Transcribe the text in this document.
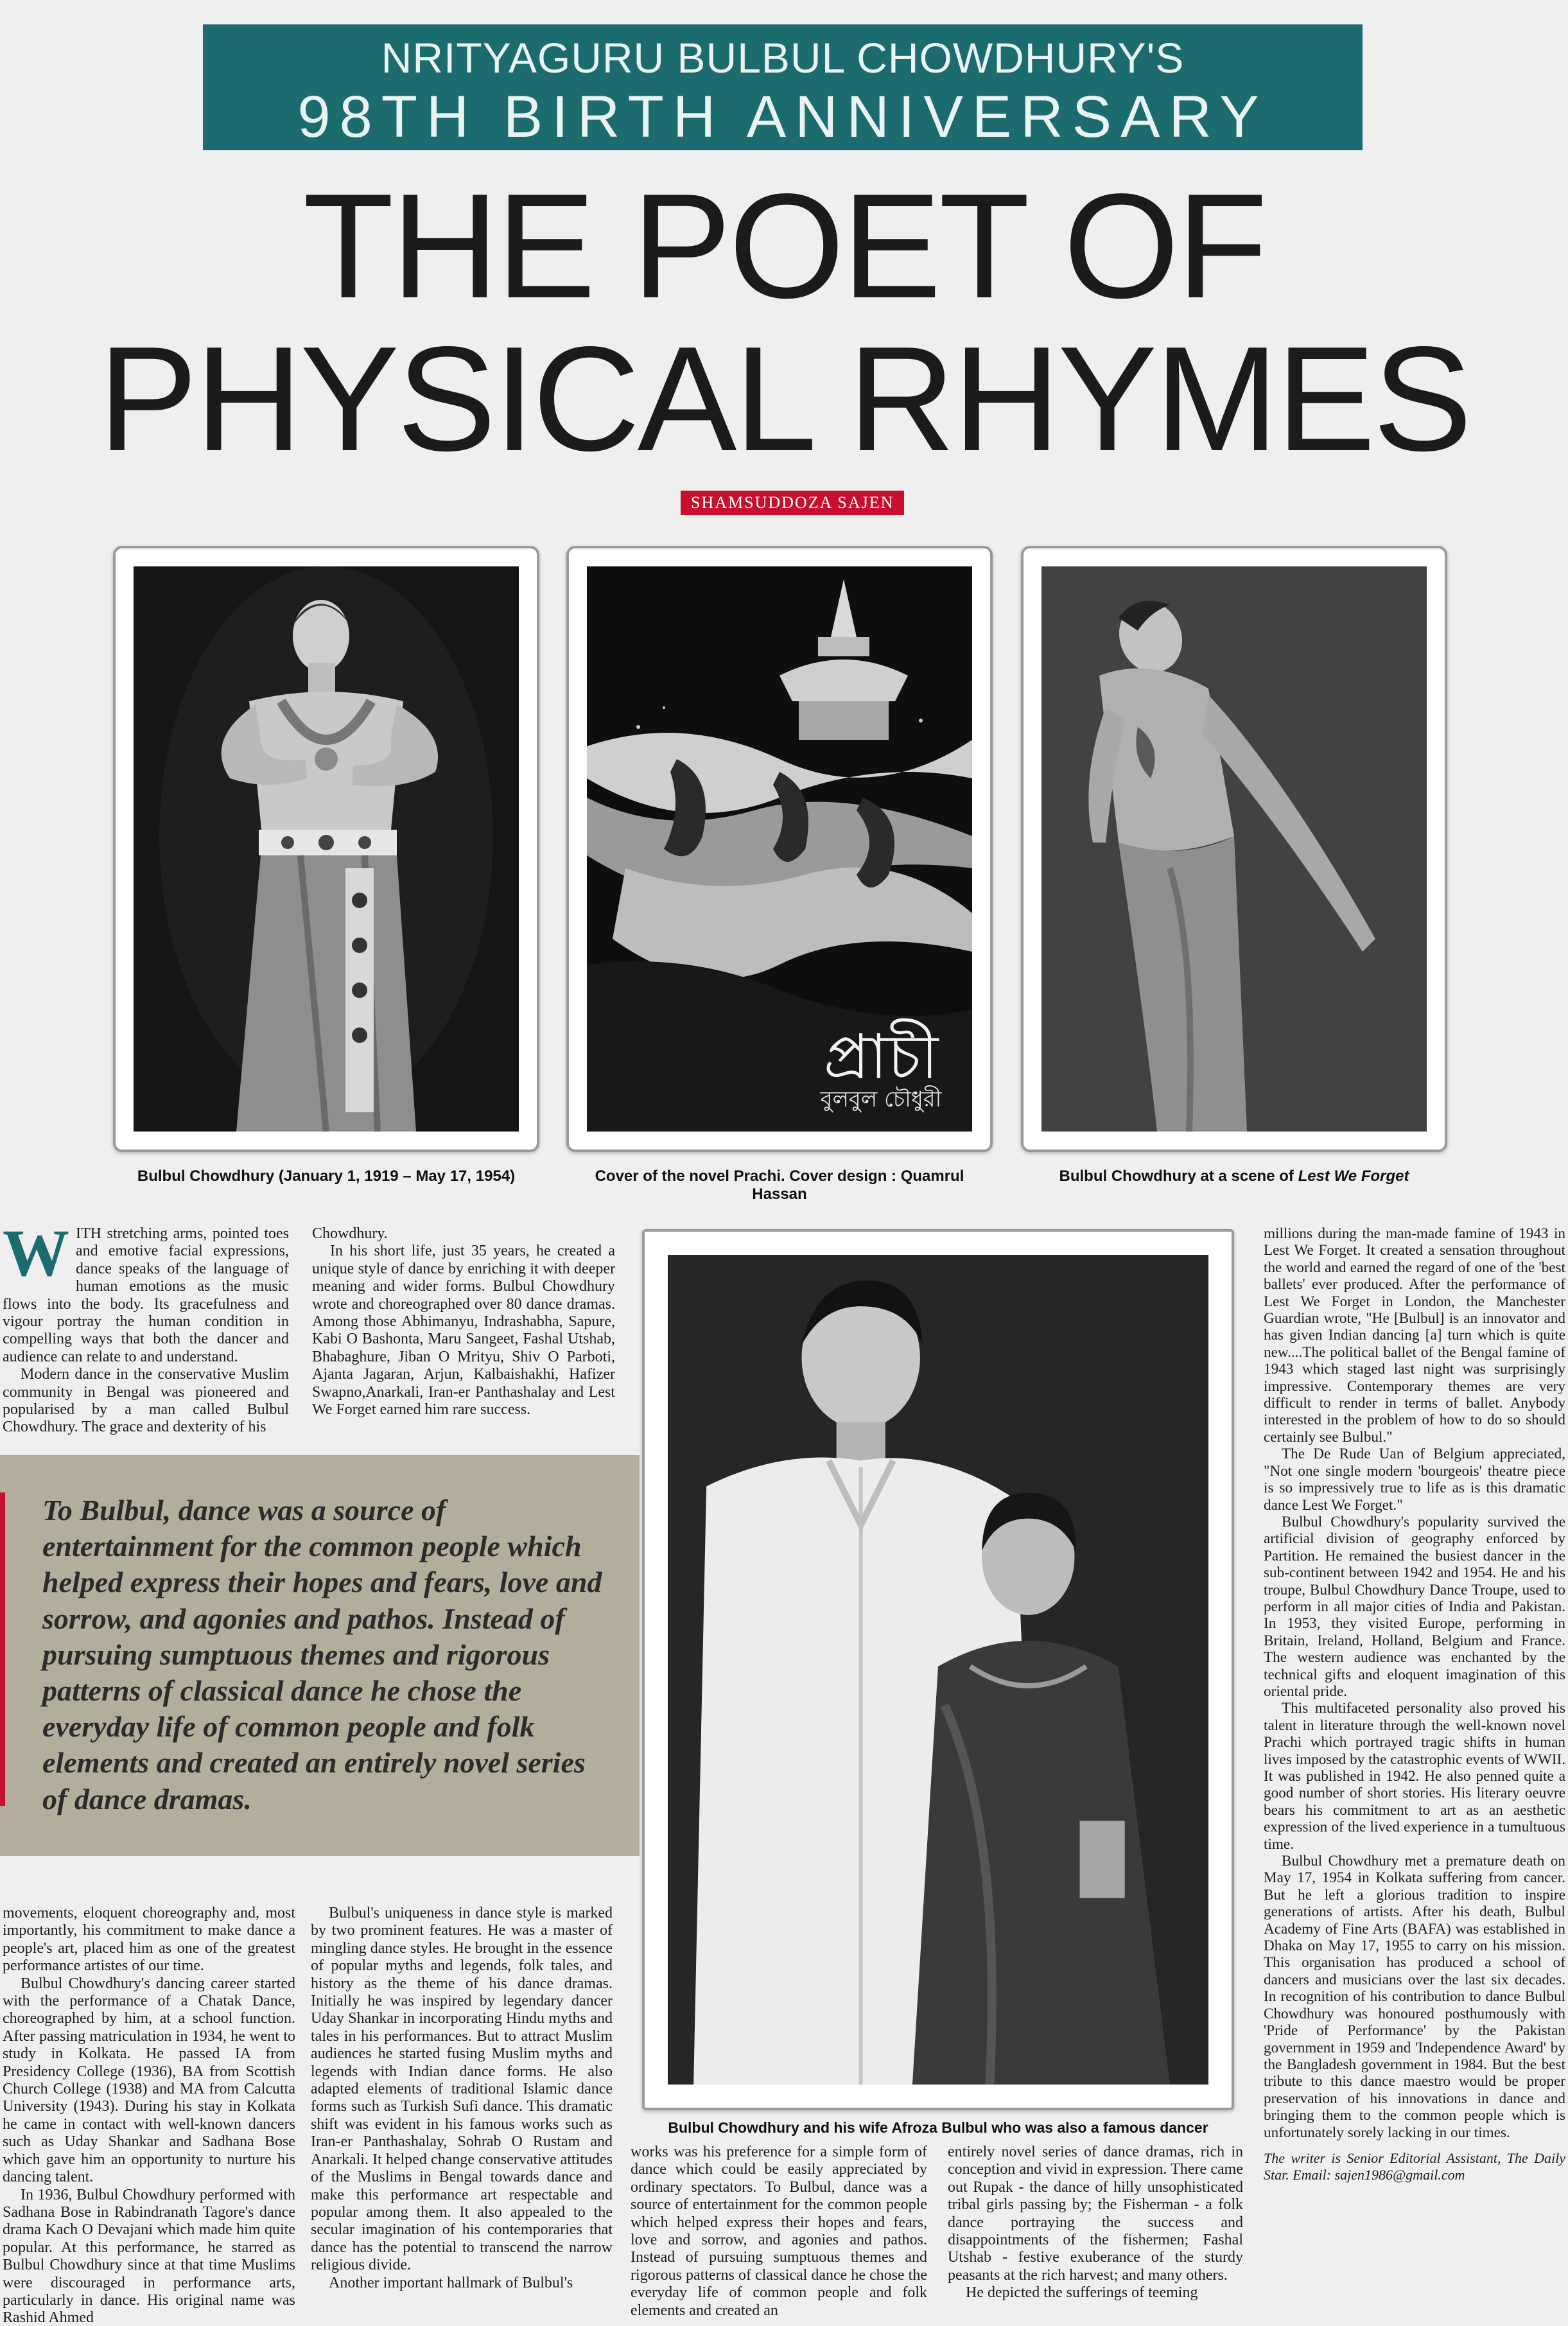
NRITYAGURU BULBUL CHOWDHURY'S
98TH BIRTH ANNIVERSARY
THE POET OF
PHYSICAL RHYMES
SHAMSUDDOZA SAJEN
Bulbul Chowdhury (January 1, 1919 – May 17, 1954)
প্রাচী
বুলবুল চৌধুরী
Cover of the novel Prachi. Cover design : Quamrul Hassan
Bulbul Chowdhury at a scene of Lest We Forget
Bulbul Chowdhury and his wife Afroza Bulbul who was also a famous dancer
W ITH stretching arms, pointed toes and emotive facial expressions, dance speaks of the language of human emotions as the music flows into the body. Its gracefulness and vigour portray the human condition in compelling ways that both the dancer and audience can relate to and understand.

Modern dance in the conservative Muslim community in Bengal was pioneered and popularised by a man called Bulbul Chowdhury. The grace and dexterity of his

Chowdhury.

In his short life, just 35 years, he created a unique style of dance by enriching it with deeper meaning and wider forms. Bulbul Chowdhury wrote and choreographed over 80 dance dramas. Among those Abhimanyu, Indrashabha, Sapure, Kabi O Bashonta, Maru Sangeet, Fashal Utshab, Bhabaghure, Jiban O Mrityu, Shiv O Parboti, Ajanta Jagaran, Arjun, Kalbaishakhi, Hafizer Swapno,Anarkali, Iran-er Panthashalay and Lest We Forget earned him rare success.

To Bulbul, dance was a source of entertainment for the common people which helped express their hopes and fears, love and sorrow, and agonies and pathos. Instead of pursuing sumptuous themes and rigorous patterns of classical dance he chose the everyday life of common people and folk elements and created an entirely novel series of dance dramas.

movements, eloquent choreography and, most importantly, his commitment to make dance a people's art, placed him as one of the greatest performance artistes of our time.

Bulbul Chowdhury's dancing career started with the performance of a Chatak Dance, choreographed by him, at a school function. After passing matriculation in 1934, he went to study in Kolkata. He passed IA from Presidency College (1936), BA from Scottish Church College (1938) and MA from Calcutta University (1943). During his stay in Kolkata he came in contact with well-known dancers such as Uday Shankar and Sadhana Bose which gave him an opportunity to nurture his dancing talent.

In 1936, Bulbul Chowdhury performed with Sadhana Bose in Rabindranath Tagore's dance drama Kach O Devajani which made him quite popular. At this performance, he starred as Bulbul Chowdhury since at that time Muslims were discouraged in performance arts, particularly in dance. His original name was Rashid Ahmed

Bulbul's uniqueness in dance style is marked by two prominent features. He was a master of mingling dance styles. He brought in the essence of popular myths and legends, folk tales, and history as the theme of his dance dramas. Initially he was inspired by legendary dancer Uday Shankar in incorporating Hindu myths and tales in his performances. But to attract Muslim audiences he started fusing Muslim myths and legends with Indian dance forms. He also adapted elements of traditional Islamic dance forms such as Turkish Sufi dance. This dramatic shift was evident in his famous works such as Iran-er Panthashalay, Sohrab O Rustam and Anarkali. It helped change conservative attitudes of the Muslims in Bengal towards dance and make this performance art respectable and popular among them. It also appealed to the secular imagination of his contemporaries that dance has the potential to transcend the narrow religious divide.

Another important hallmark of Bulbul's

works was his preference for a simple form of dance which could be easily appreciated by ordinary spectators. To Bulbul, dance was a source of entertainment for the common people which helped express their hopes and fears, love and sorrow, and agonies and pathos. Instead of pursuing sumptuous themes and rigorous patterns of classical dance he chose the everyday life of common people and folk elements and created an

entirely novel series of dance dramas, rich in conception and vivid in expression. There came out Rupak - the dance of hilly unsophisticated tribal girls passing by; the Fisherman - a folk dance portraying the success and disappointments of the fishermen; Fashal Utshab - festive exuberance of the sturdy peasants at the rich harvest; and many others.

He depicted the sufferings of teeming

millions during the man-made famine of 1943 in Lest We Forget. It created a sensation throughout the world and earned the regard of one of the 'best ballets' ever produced. After the performance of Lest We Forget in London, the Manchester Guardian wrote, "He [Bulbul] is an innovator and has given Indian dancing [a] turn which is quite new....The political ballet of the Bengal famine of 1943 which staged last night was surprisingly impressive. Contemporary themes are very difficult to render in terms of ballet. Anybody interested in the problem of how to do so should certainly see Bulbul."

The De Rude Uan of Belgium appreciated, "Not one single modern 'bourgeois' theatre piece is so impressively true to life as is this dramatic dance Lest We Forget."

Bulbul Chowdhury's popularity survived the artificial division of geography enforced by Partition. He remained the busiest dancer in the sub-continent between 1942 and 1954. He and his troupe, Bulbul Chowdhury Dance Troupe, used to perform in all major cities of India and Pakistan. In 1953, they visited Europe, performing in Britain, Ireland, Holland, Belgium and France. The western audience was enchanted by the technical gifts and eloquent imagination of this oriental pride.

This multifaceted personality also proved his talent in literature through the well-known novel Prachi which portrayed tragic shifts in human lives imposed by the catastrophic events of WWII. It was published in 1942. He also penned quite a good number of short stories. His literary oeuvre bears his commitment to art as an aesthetic expression of the lived experience in a tumultuous time.

Bulbul Chowdhury met a premature death on May 17, 1954 in Kolkata suffering from cancer. But he left a glorious tradition to inspire generations of artists. After his death, Bulbul Academy of Fine Arts (BAFA) was established in Dhaka on May 17, 1955 to carry on his mission. This organisation has produced a school of dancers and musicians over the last six decades. In recognition of his contribution to dance Bulbul Chowdhury was honoured posthumously with 'Pride of Performance' by the Pakistan government in 1959 and 'Independence Award' by the Bangladesh government in 1984. But the best tribute to this dance maestro would be proper preservation of his innovations in dance and bringing them to the common people which is unfortunately sorely lacking in our times.

The writer is Senior Editorial Assistant, The Daily Star. Email: sajen1986@gmail.com
